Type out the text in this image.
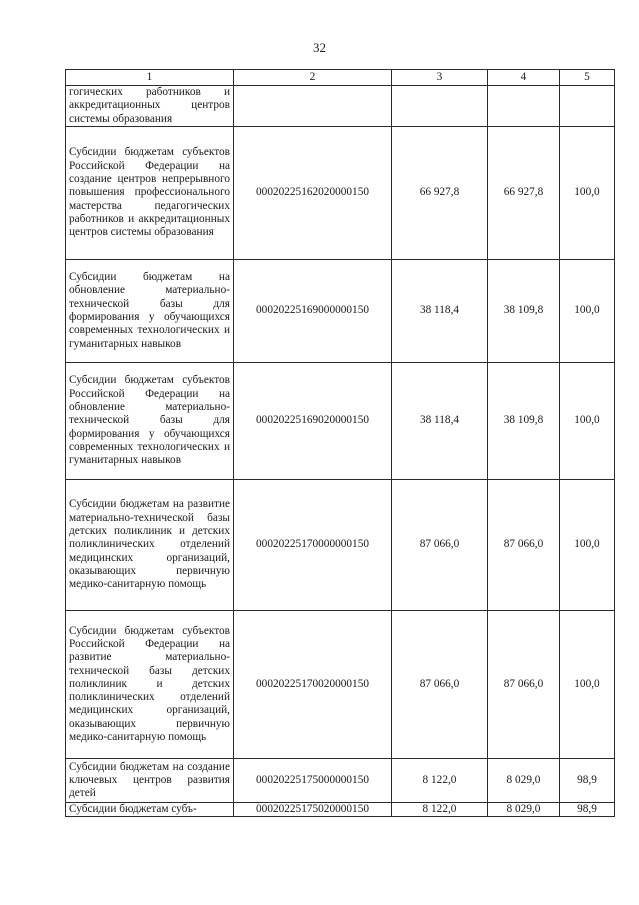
32
1	2	3	4	5
гогических работников и аккредитационных центров системы образования				
Субсидии бюджетам субъектов Российской Федерации на создание центров непрерывного повышения профессионального мастерства педагогических работников и аккредитационных центров системы образования	00020225162020000150	66 927,8	66 927,8	100,0
Субсидии бюджетам на обновление материально-технической базы для формирования у обучающихся современных технологических и гуманитарных навыков	00020225169000000150	38 118,4	38 109,8	100,0
Субсидии бюджетам субъектов Российской Федерации на обновление материально-технической базы для формирования у обучающихся современных технологических и гуманитарных навыков	00020225169020000150	38 118,4	38 109,8	100,0
Субсидии бюджетам на развитие материально-технической базы детских поликлиник и детских поликлинических отделений медицинских организаций, оказывающих первичную медико-санитарную помощь	00020225170000000150	87 066,0	87 066,0	100,0
Субсидии бюджетам субъектов Российской Федерации на развитие материально-технической базы детских поликлиник и детских поликлинических отделений медицинских организаций, оказывающих первичную медико-санитарную помощь	00020225170020000150	87 066,0	87 066,0	100,0
Субсидии бюджетам на создание ключевых центров развития детей	00020225175000000150	8 122,0	8 029,0	98,9
Субсидии бюджетам субъ-	00020225175020000150	8 122,0	8 029,0	98,9
